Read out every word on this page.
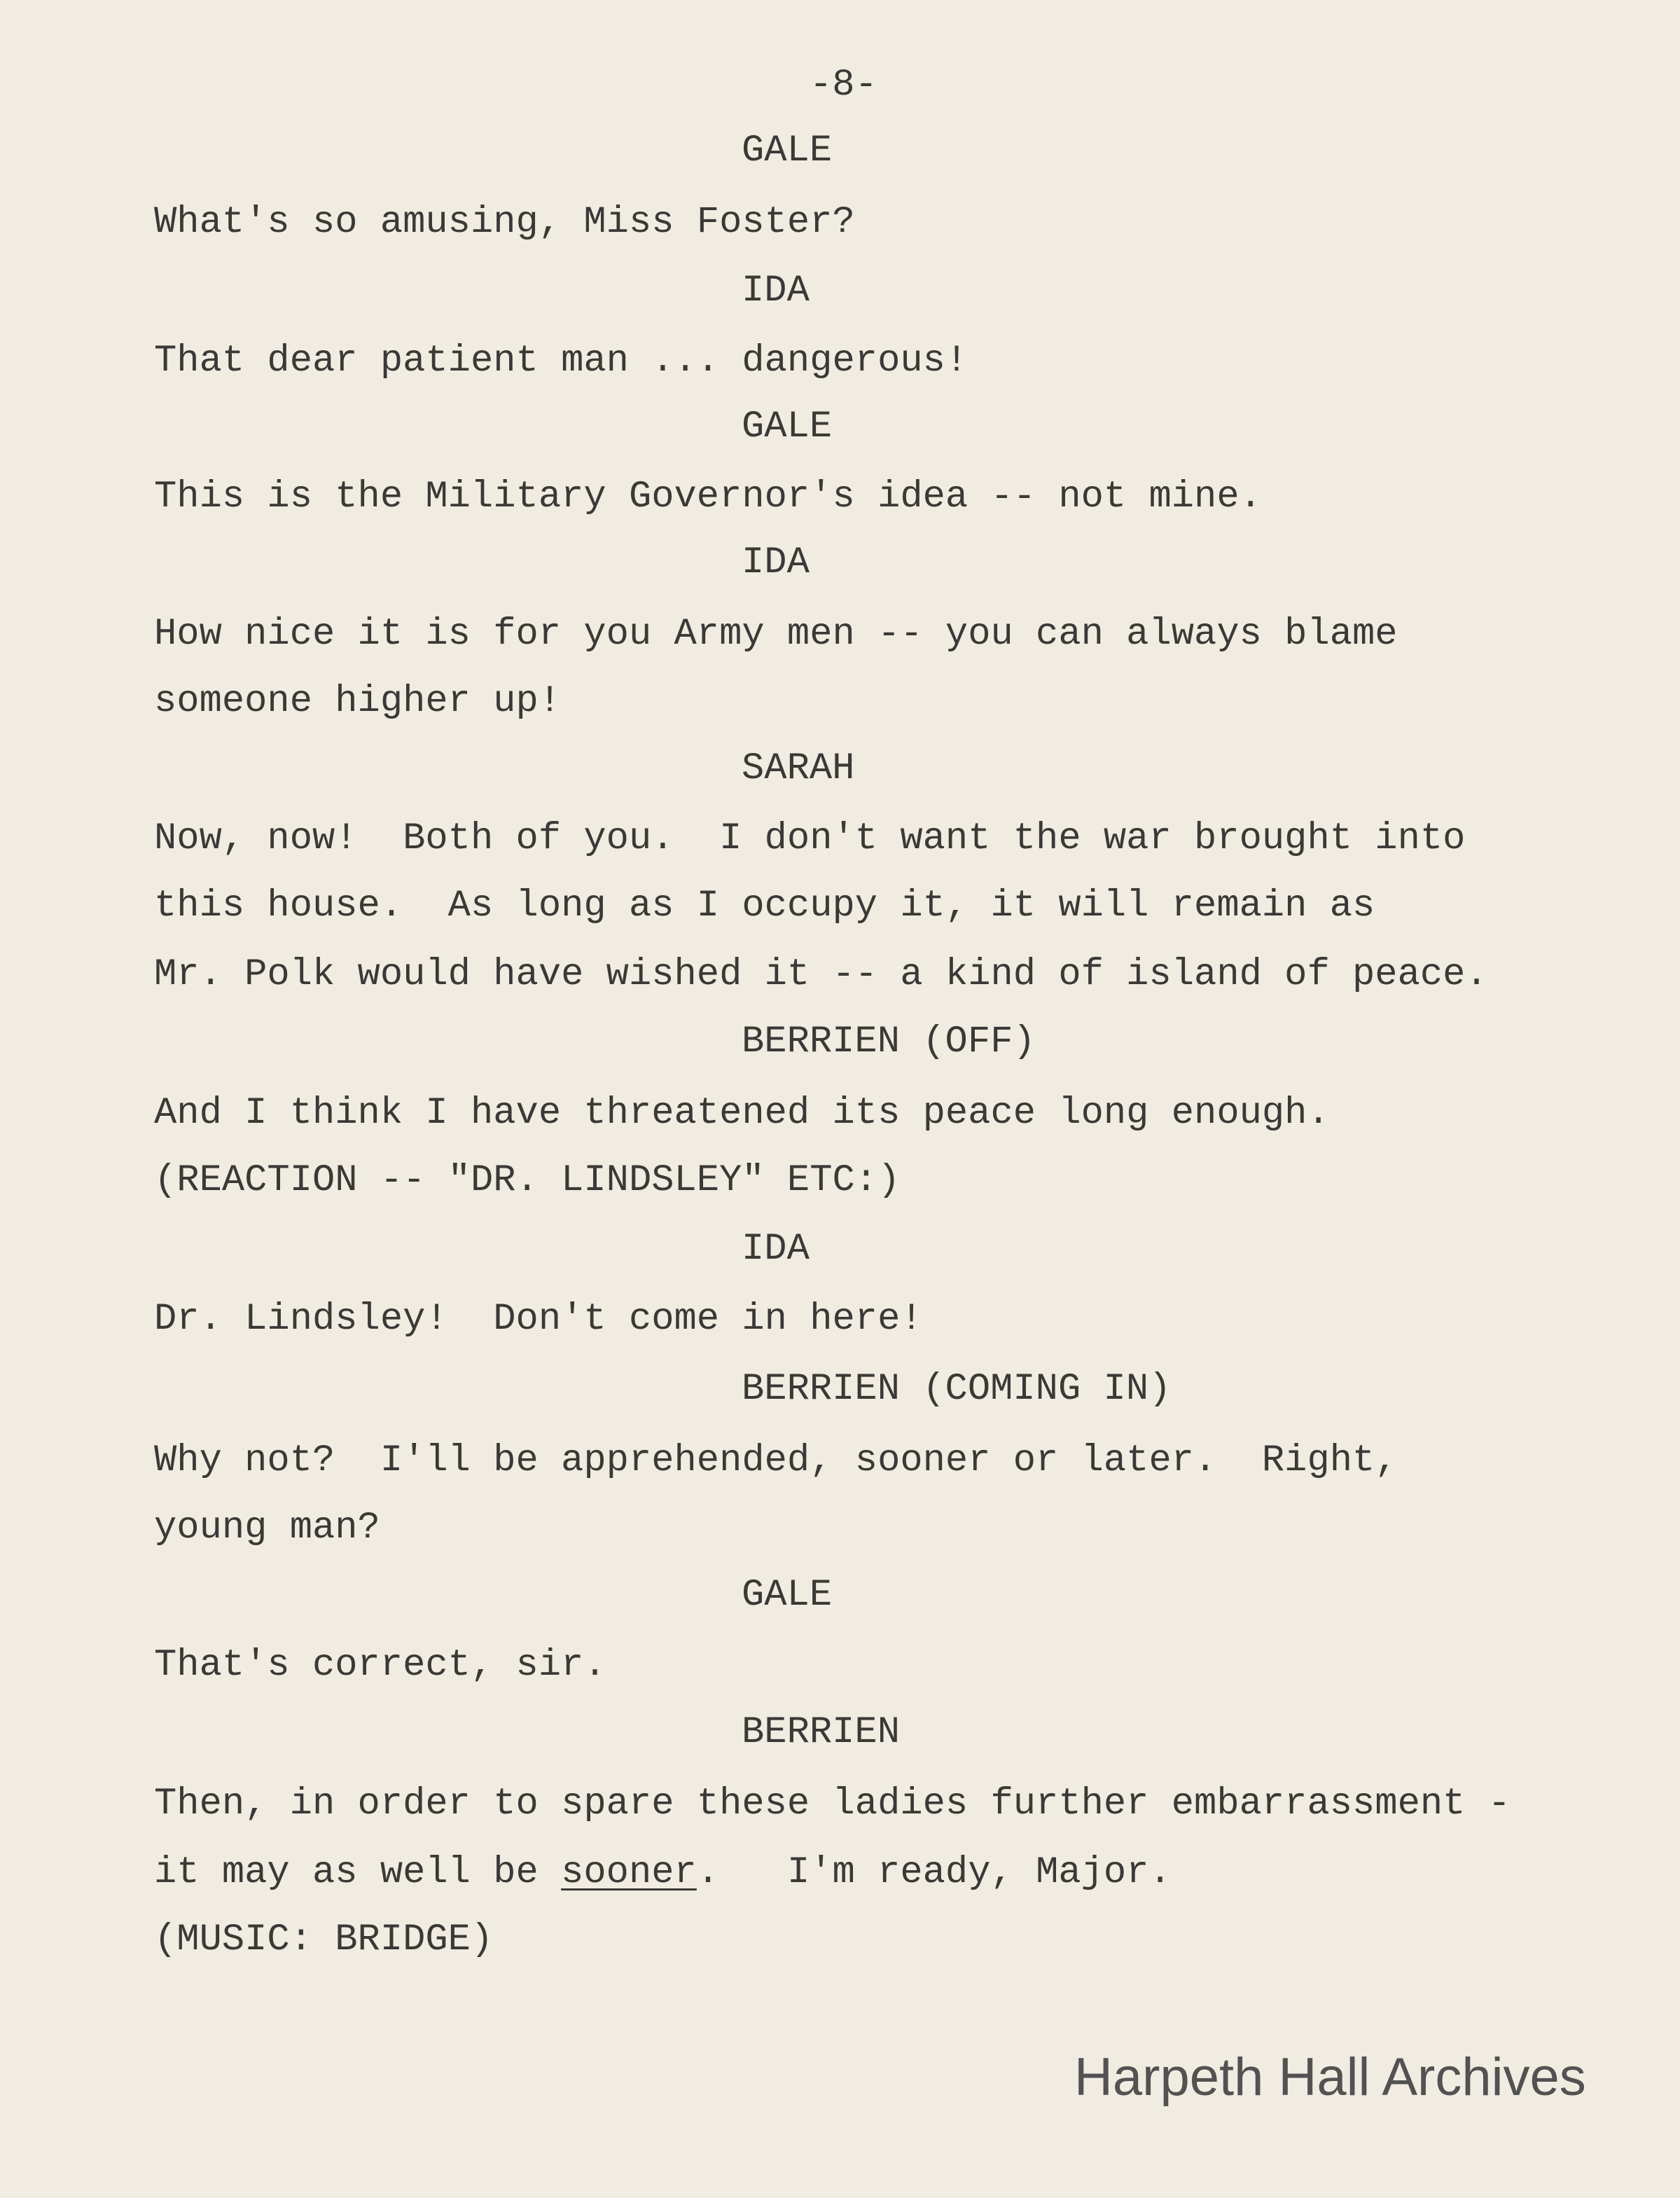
-8-
GALE
What's so amusing, Miss Foster?
IDA
That dear patient man ... dangerous!
GALE
This is the Military Governor's idea -- not mine.
IDA
How nice it is for you Army men -- you can always blame
someone higher up!
SARAH
Now, now!  Both of you.  I don't want the war brought into
this house.  As long as I occupy it, it will remain as
Mr. Polk would have wished it -- a kind of island of peace.
BERRIEN (OFF)
And I think I have threatened its peace long enough.
(REACTION -- "DR. LINDSLEY" ETC:)
IDA
Dr. Lindsley!  Don't come in here!
BERRIEN (COMING IN)
Why not?  I'll be apprehended, sooner or later.  Right,
young man?
GALE
That's correct, sir.
BERRIEN
Then, in order to spare these ladies further embarrassment -
it may as well be sooner.   I'm ready, Major.
(MUSIC: BRIDGE)
Harpeth Hall Archives
